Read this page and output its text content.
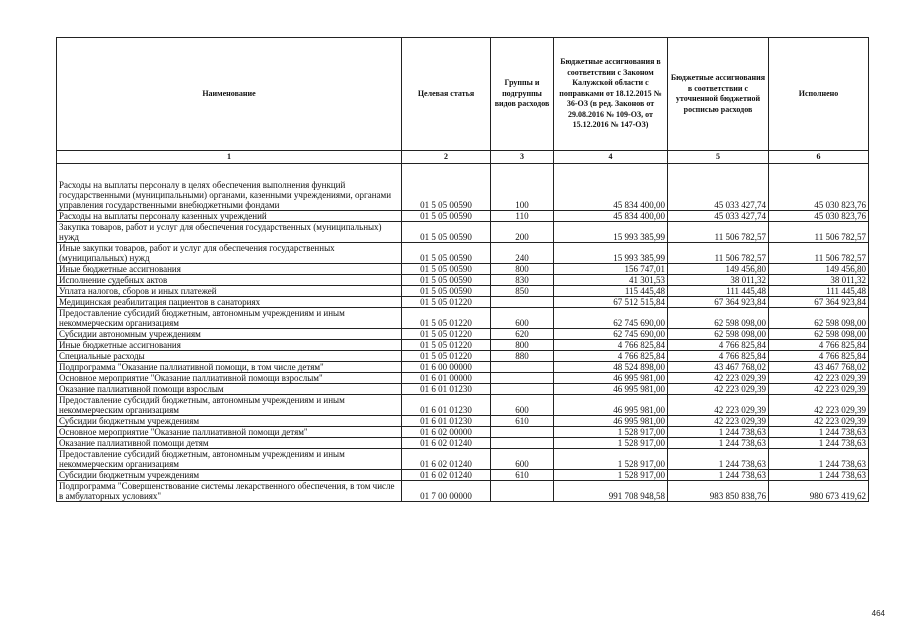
Наименование	Целевая статья	Группы и подгруппы видов расходов	Бюджетные ассигнования в соответствии с Законом Калужской области с поправками от 18.12.2015 № 36-ОЗ (в ред. Законов от 29.08.2016 № 109-ОЗ, от 15.12.2016 № 147-ОЗ)	Бюджетные ассигнования в соответствии с уточненной бюджетной росписью расходов	Исполнено
1	2	3	4	5	6
Расходы на выплаты персоналу в целях обеспечения выполнения функций государственными (муниципальными) органами, казенными учреждениями, органами управления государственными внебюджетными фондами	01 5 05 00590	100	45 834 400,00	45 033 427,74	45 030 823,76
Расходы на выплаты персоналу казенных учреждений	01 5 05 00590	110	45 834 400,00	45 033 427,74	45 030 823,76
Закупка товаров, работ и услуг для обеспечения государственных (муниципальных) нужд	01 5 05 00590	200	15 993 385,99	11 506 782,57	11 506 782,57
Иные закупки товаров, работ и услуг для обеспечения государственных (муниципальных) нужд	01 5 05 00590	240	15 993 385,99	11 506 782,57	11 506 782,57
Иные бюджетные ассигнования	01 5 05 00590	800	156 747,01	149 456,80	149 456,80
Исполнение судебных актов	01 5 05 00590	830	41 301,53	38 011,32	38 011,32
Уплата налогов, сборов и иных платежей	01 5 05 00590	850	115 445,48	111 445,48	111 445,48
Медицинская реабилитация пациентов в санаториях	01 5 05 01220		67 512 515,84	67 364 923,84	67 364 923,84
Предоставление субсидий бюджетным, автономным учреждениям и иным некоммерческим организациям	01 5 05 01220	600	62 745 690,00	62 598 098,00	62 598 098,00
Субсидии автономным учреждениям	01 5 05 01220	620	62 745 690,00	62 598 098,00	62 598 098,00
Иные бюджетные ассигнования	01 5 05 01220	800	4 766 825,84	4 766 825,84	4 766 825,84
Специальные расходы	01 5 05 01220	880	4 766 825,84	4 766 825,84	4 766 825,84
Подпрограмма "Оказание паллиативной помощи, в том числе детям"	01 6 00 00000		48 524 898,00	43 467 768,02	43 467 768,02
Основное мероприятие "Оказание паллиативной помощи взрослым"	01 6 01 00000		46 995 981,00	42 223 029,39	42 223 029,39
Оказание паллиативной помощи взрослым	01 6 01 01230		46 995 981,00	42 223 029,39	42 223 029,39
Предоставление субсидий бюджетным, автономным учреждениям и иным некоммерческим организациям	01 6 01 01230	600	46 995 981,00	42 223 029,39	42 223 029,39
Субсидии бюджетным учреждениям	01 6 01 01230	610	46 995 981,00	42 223 029,39	42 223 029,39
Основное мероприятие "Оказание паллиативной помощи детям"	01 6 02 00000		1 528 917,00	1 244 738,63	1 244 738,63
Оказание паллиативной помощи детям	01 6 02 01240		1 528 917,00	1 244 738,63	1 244 738,63
Предоставление субсидий бюджетным, автономным учреждениям и иным некоммерческим организациям	01 6 02 01240	600	1 528 917,00	1 244 738,63	1 244 738,63
Субсидии бюджетным учреждениям	01 6 02 01240	610	1 528 917,00	1 244 738,63	1 244 738,63
Подпрограмма "Совершенствование системы лекарственного обеспечения, в том числе в амбулаторных условиях"	01 7 00 00000		991 708 948,58	983 850 838,76	980 673 419,62
464
